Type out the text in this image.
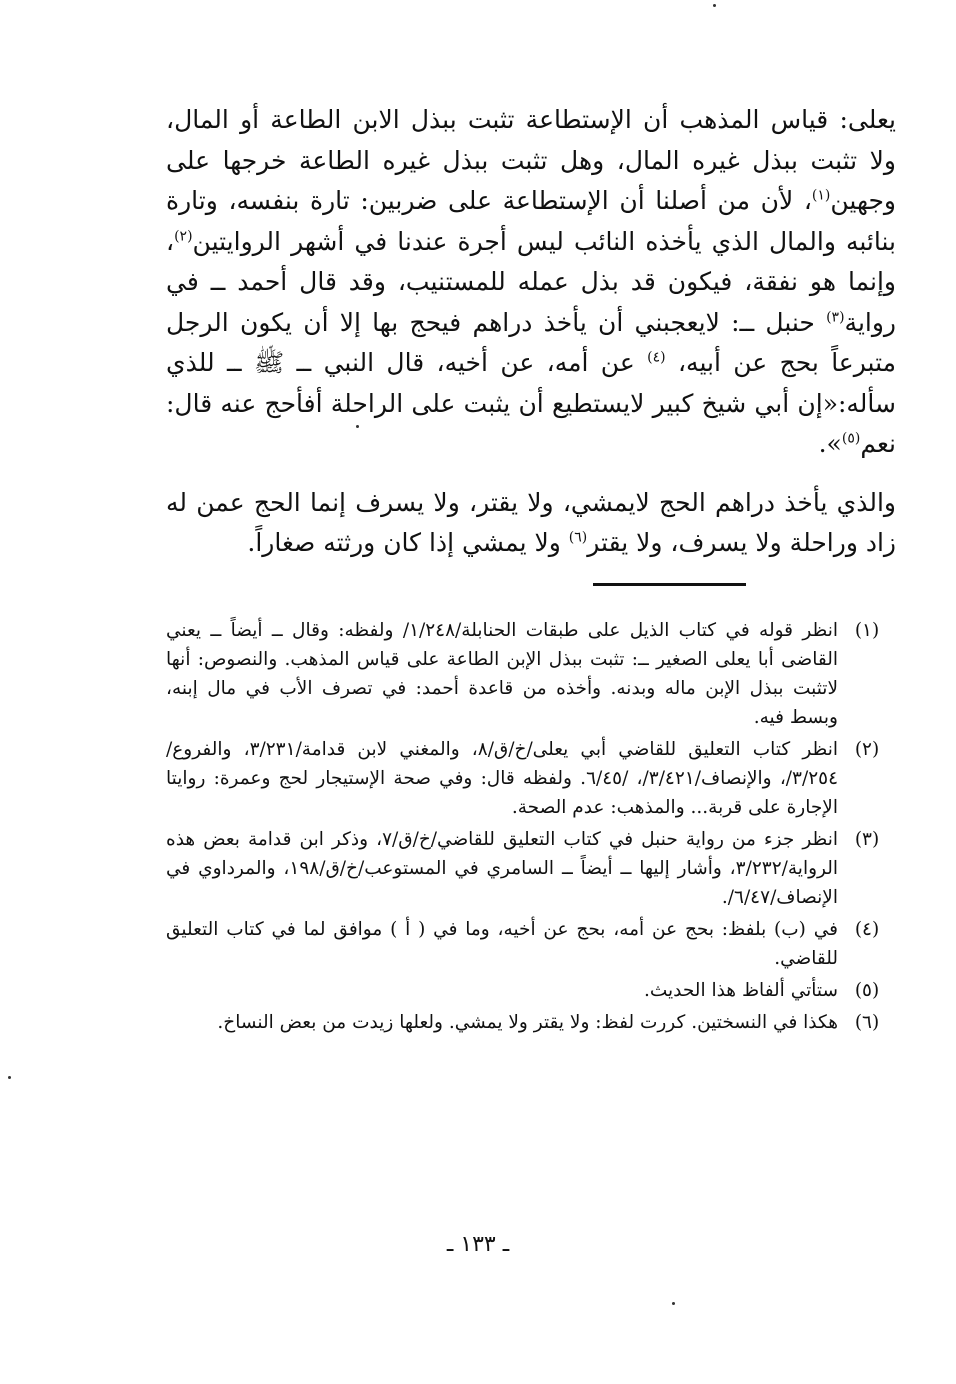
يعلى: قياس المذهب أن الإستطاعة تثبت ببذل الابن الطاعة أو المال، ولا تثبت ببذل غيره المال، وهل تثبت ببذل غيره الطاعة خرجها على وجهين$^{(١)}$، لأن من أصلنا أن الإستطاعة على ضربين: تارة بنفسه، وتارة بنائبه والمال الذي يأخذه النائب ليس أجرة عندنا في أشهر الروايتين$^{(٢)}$، وإنما هو نفقة، فيكون قد بذل عمله للمستنيب، وقد قال أحمد ــ في رواية$^{(٣)}$ حنبل ــ: لايعجبني أن يأخذ دراهم فيحج بها إلا أن يكون الرجل متبرعاً بحج عن أبيه، $^{(٤)}$ عن أمه، عن أخيه، قال النبي ــ ﷺ ــ للذي سأله:«إن أبي شيخ كبير لايستطيع أن يثبت على الراحلة أفأحج عنه قال: نعم$^{(٥)}$».

والذي يأخذ دراهم الحج لايمشي، ولا يقتر، ولا يسرف إنما الحج عمن له زاد وراحلة ولا يسرف، ولا يقتر$^{(٦)}$ ولا يمشي إذا كان ورثته صغاراً.

(١)
انظر قوله في كتاب الذيل على طبقات الحنابلة/١/٢٤٨/ ولفظه: وقال ــ أيضاً ــ يعني القاضى أبا يعلى الصغير ــ: تثبت ببذل الإبن الطاعة على قياس المذهب. والنصوص: أنها لاتثبت ببذل الإبن ماله وبدنه. وأخذه من قاعدة أحمد: في تصرف الأب في مال إبنه، وبسط فيه.
(٢)
انظر كتاب التعليق للقاضي أبي يعلى/خ/ق/٨، والمغني لابن قدامة/٣/٢٣١، والفروع/٣/٢٥٤/، والإنصاف/٣/٤٢١/، /٦/٤٥. ولفظه قال: وفي صحة الإستيجار لحج وعمرة: روايتا الإجارة على قربة... والمذهب: عدم الصحة.
(٣)
انظر جزء من رواية حنبل في كتاب التعليق للقاضي/خ/ق/٧، وذكر ابن قدامة بعض هذه الرواية/٣/٢٣٢، وأشار إليها ــ أيضاً ــ السامري في المستوعب/خ/ق/١٩٨، والمرداوي في الإنصاف/٦/٤٧/.
(٤)
في (ب) بلفظ: بحج عن أمه، بحج عن أخيه، وما في ( أ ) موافق لما في كتاب التعليق للقاضي.
(٥)
ستأتي ألفاظ هذا الحديث.
(٦)
هكذا في النسختين. كررت لفظ: ولا يقتر ولا يمشي. ولعلها زيدت من بعض النساخ.
ـ ١٣٣ ـ
